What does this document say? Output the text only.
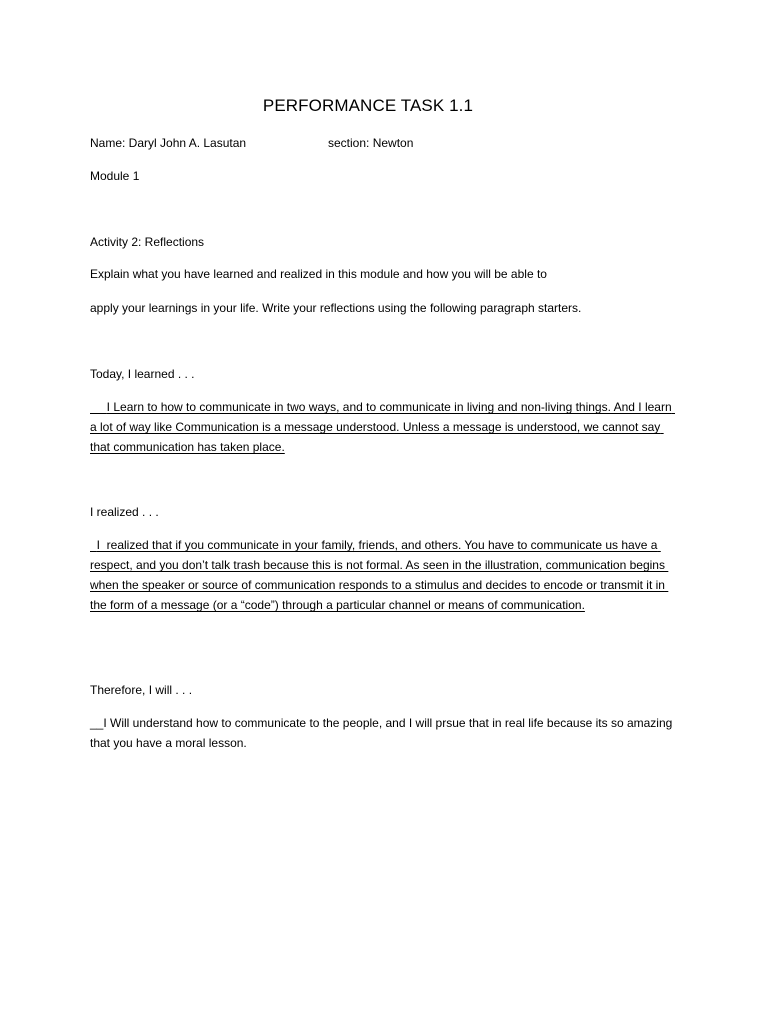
PERFORMANCE TASK 1.1
Name: Daryl John A. Lasutan	section: Newton
Module 1
Activity 2: Reflections
Explain what you have learned and realized in this module and how you will be able to
apply your learnings in your life. Write your reflections using the following paragraph starters.
Today, I learned . . .
I Learn to how to communicate in two ways, and to communicate in living and non-living things. And I learn a lot of way like Communication is a message understood. Unless a message is understood, we cannot say that communication has taken place.
I realized . . .
I  realized that if you communicate in your family, friends, and others. You have to communicate us have a respect, and you don’t talk trash because this is not formal. As seen in the illustration, communication begins when the speaker or source of communication responds to a stimulus and decides to encode or transmit it in the form of a message (or a “code”) through a particular channel or means of communication.
Therefore, I will . . .
__I Will understand how to communicate to the people, and I will prsue that in real life because its so amazing that you have a moral lesson.
